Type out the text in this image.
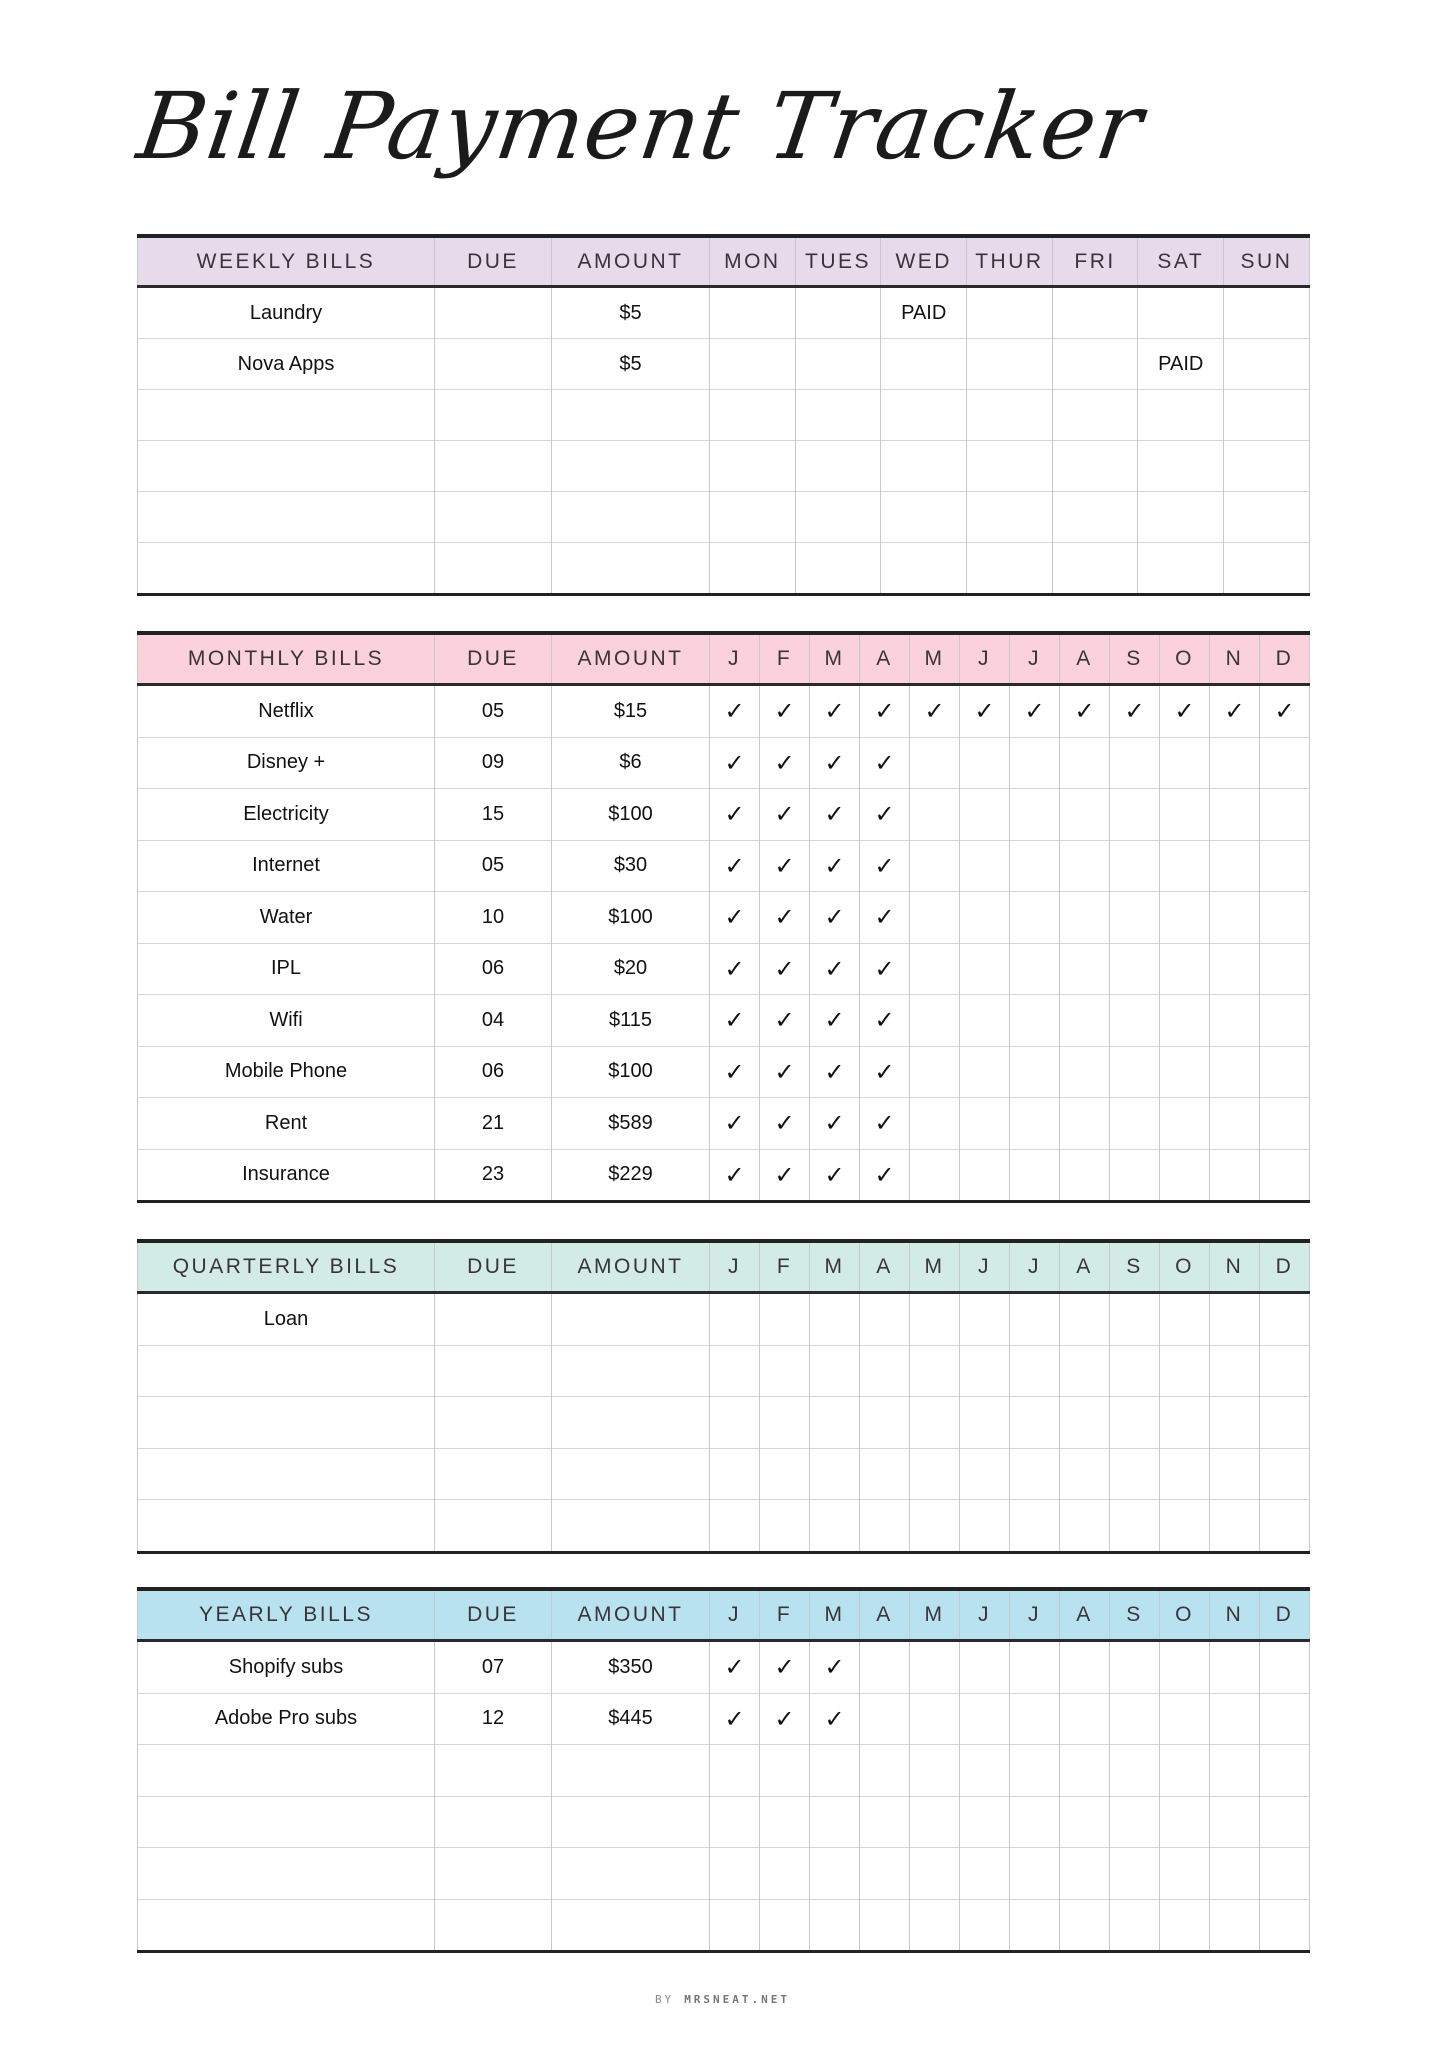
Bill Payment Tracker
WEEKLY BILLS	DUE	AMOUNT	MON	TUES	WED	THUR	FRI	SAT	SUN
Laundry		$5			PAID				
Nova Apps		$5						PAID	

MONTHLY BILLS	DUE	AMOUNT	J	F	M	A	M	J	J	A	S	O	N	D
Netflix	05	$15	✓	✓	✓	✓	✓	✓	✓	✓	✓	✓	✓	✓
Disney +	09	$6	✓	✓	✓	✓								
Electricity	15	$100	✓	✓	✓	✓								
Internet	05	$30	✓	✓	✓	✓								
Water	10	$100	✓	✓	✓	✓								
IPL	06	$20	✓	✓	✓	✓								
Wifi	04	$115	✓	✓	✓	✓								
Mobile Phone	06	$100	✓	✓	✓	✓								
Rent	21	$589	✓	✓	✓	✓								
Insurance	23	$229	✓	✓	✓	✓								
QUARTERLY BILLS	DUE	AMOUNT	J	F	M	A	M	J	J	A	S	O	N	D
Loan														

YEARLY BILLS	DUE	AMOUNT	J	F	M	A	M	J	J	A	S	O	N	D
Shopify subs	07	$350	✓	✓	✓									
Adobe Pro subs	12	$445	✓	✓	✓									

BY MRSNEAT.NET
